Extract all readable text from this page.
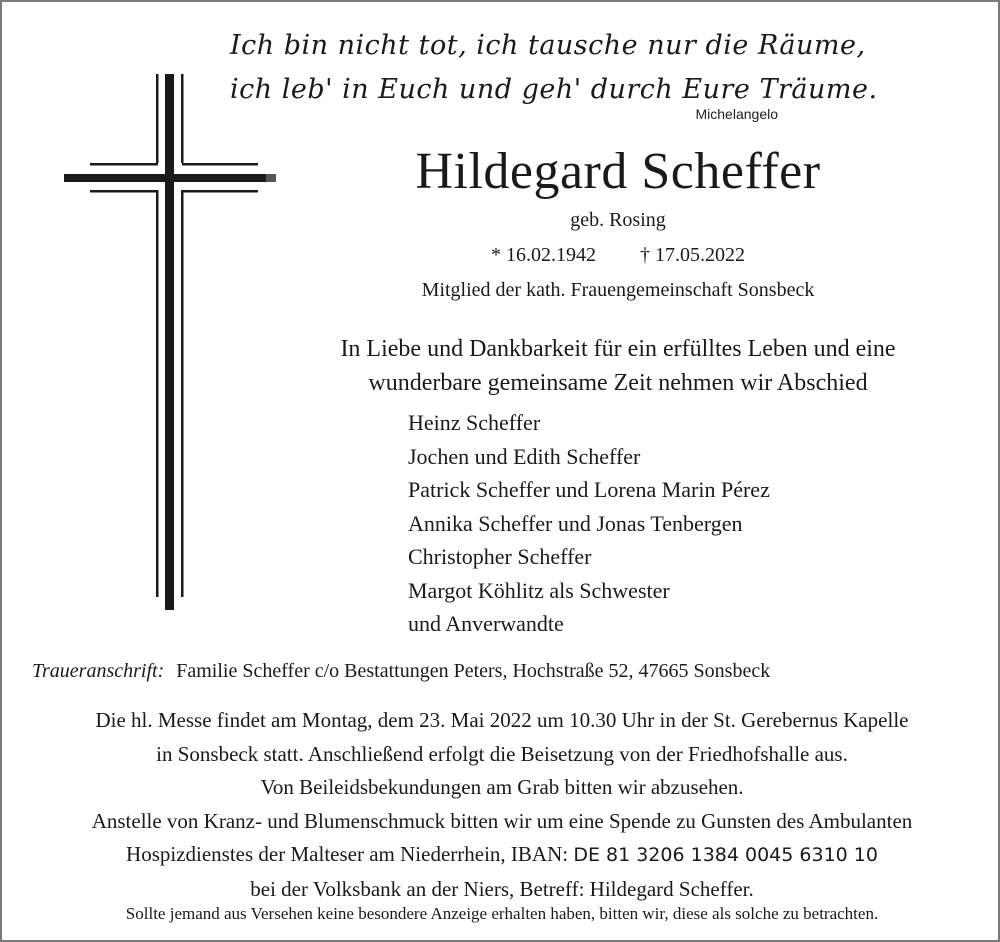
Ich bin nicht tot, ich tausche nur die Räume,
ich leb' in Euch und geh' durch Eure Träume.
Michelangelo
Hildegard Scheffer
geb. Rosing
* 16.02.1942 † 17.05.2022
Mitglied der kath. Frauengemeinschaft Sonsbeck
In Liebe und Dankbarkeit für ein erfülltes Leben und eine
wunderbare gemeinsame Zeit nehmen wir Abschied
Heinz Scheffer
Jochen und Edith Scheffer
Patrick Scheffer und Lorena Marin Pérez
Annika Scheffer und Jonas Tenbergen
Christopher Scheffer
Margot Köhlitz als Schwester
und Anverwandte
Traueranschrift: Familie Scheffer c/o Bestattungen Peters, Hochstraße 52, 47665 Sonsbeck
Die hl. Messe findet am Montag, dem 23. Mai 2022 um 10.30 Uhr in der St. Gerebernus Kapelle
in Sonsbeck statt. Anschließend erfolgt die Beisetzung von der Friedhofshalle aus.
Von Beileidsbekundungen am Grab bitten wir abzusehen.
Anstelle von Kranz- und Blumenschmuck bitten wir um eine Spende zu Gunsten des Ambulanten
Hospizdienstes der Malteser am Niederrhein, IBAN: DE 81 3206 1384 0045 6310 10
bei der Volksbank an der Niers, Betreff: Hildegard Scheffer.
Sollte jemand aus Versehen keine besondere Anzeige erhalten haben, bitten wir, diese als solche zu betrachten.
